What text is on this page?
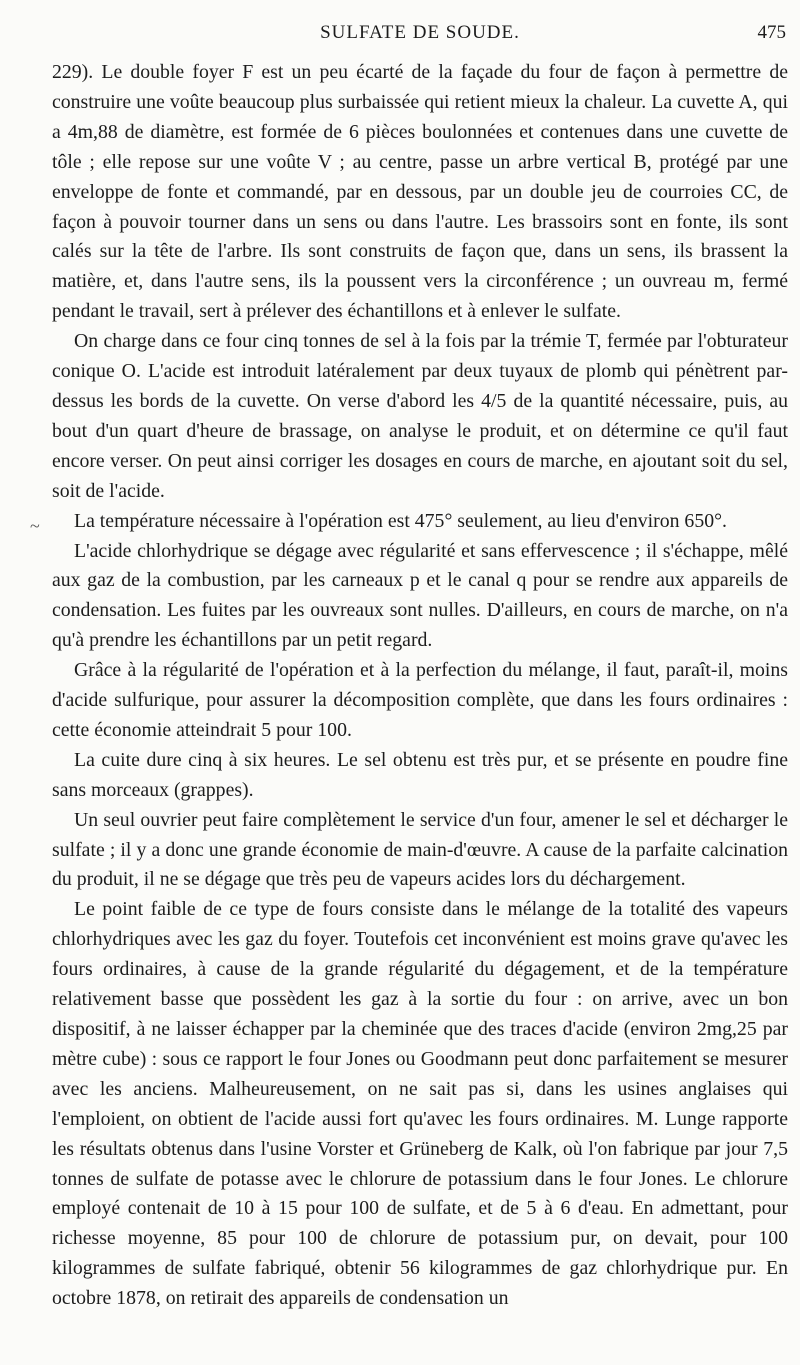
SULFATE DE SOUDE.	475
~

229). Le double foyer F est un peu écarté de la façade du four de façon à permettre de construire une voûte beaucoup plus surbaissée qui retient mieux la chaleur. La cuvette A, qui a 4m,88 de diamètre, est formée de 6 pièces boulonnées et contenues dans une cuvette de tôle ; elle repose sur une voûte V ; au centre, passe un arbre vertical B, protégé par une enveloppe de fonte et commandé, par en dessous, par un double jeu de courroies CC, de façon à pouvoir tourner dans un sens ou dans l'autre. Les brassoirs sont en fonte, ils sont calés sur la tête de l'arbre. Ils sont construits de façon que, dans un sens, ils brassent la matière, et, dans l'autre sens, ils la poussent vers la circonférence ; un ouvreau m, fermé pendant le travail, sert à prélever des échantillons et à enlever le sulfate.

On charge dans ce four cinq tonnes de sel à la fois par la trémie T, fermée par l'obturateur conique O. L'acide est introduit latéralement par deux tuyaux de plomb qui pénètrent par-dessus les bords de la cuvette. On verse d'abord les 4/5 de la quantité nécessaire, puis, au bout d'un quart d'heure de brassage, on analyse le produit, et on détermine ce qu'il faut encore verser. On peut ainsi corriger les dosages en cours de marche, en ajoutant soit du sel, soit de l'acide.

La température nécessaire à l'opération est 475° seulement, au lieu d'environ 650°.

L'acide chlorhydrique se dégage avec régularité et sans effervescence ; il s'échappe, mêlé aux gaz de la combustion, par les carneaux p et le canal q pour se rendre aux appareils de condensation. Les fuites par les ouvreaux sont nulles. D'ailleurs, en cours de marche, on n'a qu'à prendre les échantillons par un petit regard.

Grâce à la régularité de l'opération et à la perfection du mélange, il faut, paraît-il, moins d'acide sulfurique, pour assurer la décomposition complète, que dans les fours ordinaires : cette économie atteindrait 5 pour 100.

La cuite dure cinq à six heures. Le sel obtenu est très pur, et se présente en poudre fine sans morceaux (grappes).

Un seul ouvrier peut faire complètement le service d'un four, amener le sel et décharger le sulfate ; il y a donc une grande économie de main-d'œuvre. A cause de la parfaite calcination du produit, il ne se dégage que très peu de vapeurs acides lors du déchargement.

Le point faible de ce type de fours consiste dans le mélange de la totalité des vapeurs chlorhydriques avec les gaz du foyer. Toutefois cet inconvénient est moins grave qu'avec les fours ordinaires, à cause de la grande régularité du dégagement, et de la température relativement basse que possèdent les gaz à la sortie du four : on arrive, avec un bon dispositif, à ne laisser échapper par la cheminée que des traces d'acide (environ 2mg,25 par mètre cube) : sous ce rapport le four Jones ou Goodmann peut donc parfaitement se mesurer avec les anciens. Malheureusement, on ne sait pas si, dans les usines anglaises qui l'emploient, on obtient de l'acide aussi fort qu'avec les fours ordinaires. M. Lunge rapporte les résultats obtenus dans l'usine Vorster et Grüneberg de Kalk, où l'on fabrique par jour 7,5 tonnes de sulfate de potasse avec le chlorure de potassium dans le four Jones. Le chlorure employé contenait de 10 à 15 pour 100 de sulfate, et de 5 à 6 d'eau. En admettant, pour richesse moyenne, 85 pour 100 de chlorure de potassium pur, on devait, pour 100 kilogrammes de sulfate fabriqué, obtenir 56 kilogrammes de gaz chlorhydrique pur. En octobre 1878, on retirait des appareils de condensation un
